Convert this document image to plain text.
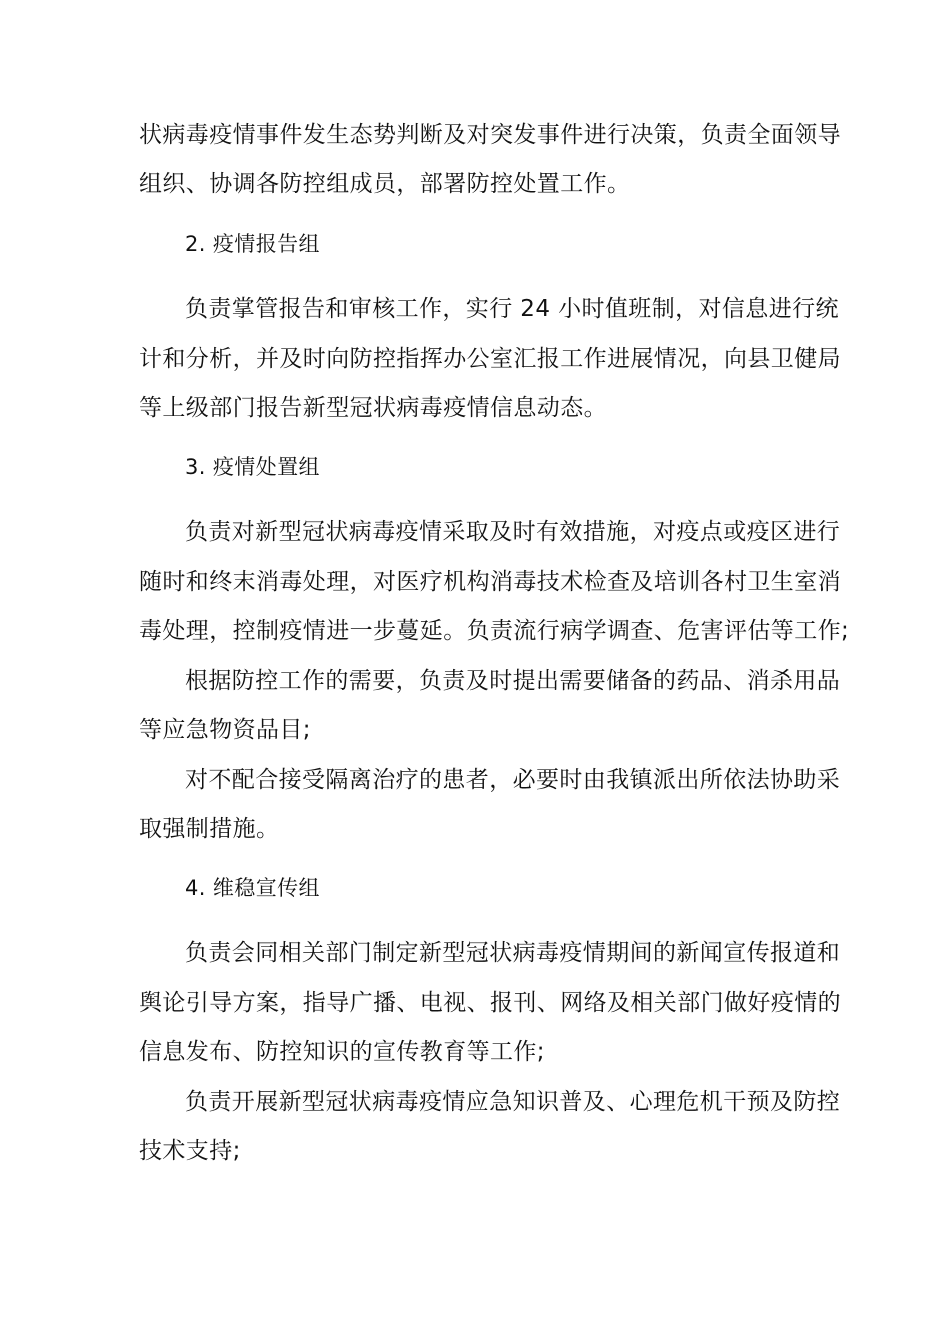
状病毒疫情事件发生态势判断及对突发事件进行决策，负责全面领导
组织、协调各防控组成员，部署防控处置工作。
2. 疫情报告组
负责掌管报告和审核工作，实行 24 小时值班制，对信息进行统
计和分析，并及时向防控指挥办公室汇报工作进展情况，向县卫健局
等上级部门报告新型冠状病毒疫情信息动态。
3. 疫情处置组
负责对新型冠状病毒疫情采取及时有效措施，对疫点或疫区进行
随时和终末消毒处理，对医疗机构消毒技术检查及培训各村卫生室消
毒处理，控制疫情进一步蔓延。负责流行病学调查、危害评估等工作;
根据防控工作的需要，负责及时提出需要储备的药品、消杀用品
等应急物资品目;
对不配合接受隔离治疗的患者，必要时由我镇派出所依法协助采
取强制措施。
4. 维稳宣传组
负责会同相关部门制定新型冠状病毒疫情期间的新闻宣传报道和
舆论引导方案，指导广播、电视、报刊、网络及相关部门做好疫情的
信息发布、防控知识的宣传教育等工作;
负责开展新型冠状病毒疫情应急知识普及、心理危机干预及防控
技术支持;
